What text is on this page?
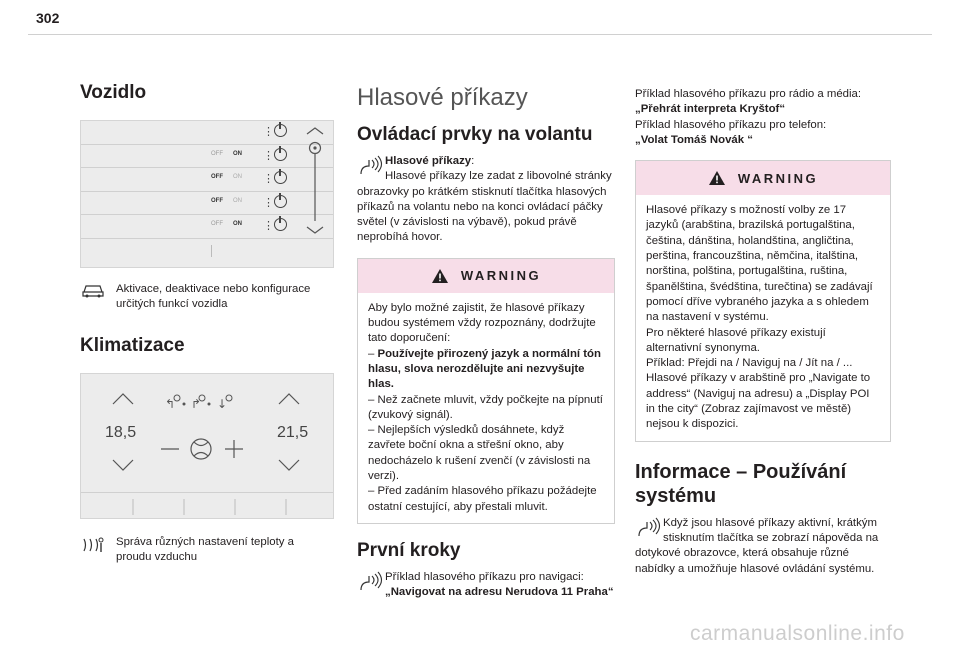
302
Vozidlo
⋮
OFF ON ⋮
OFF ON ⋮
OFF ON ⋮
OFF ON ⋮
Aktivace, deaktivace nebo konfigurace určitých funkcí vozidla
Klimatizace
↰ ↱ ↓
18,5	21,5
Správa různých nastavení teploty a proudu vzduchu
Hlasové příkazy
Ovládací prvky na volantu
Hlasové příkazy:
Hlasové příkazy lze zadat z libovolné stránky obrazovky po krátkém stisknutí tlačítka hlasových příkazů na volantu nebo na konci ovládací páčky světel (v závislosti na výbavě), pokud právě neprobíhá hovor.
WARNING
Aby bylo možné zajistit, že hlasové příkazy budou systémem vždy rozpoznány, dodržujte tato doporučení:
– Používejte přirozený jazyk a normální tón hlasu, slova nerozdělujte ani nezvyšujte hlas.
– Než začnete mluvit, vždy počkejte na pípnutí (zvukový signál).
– Nejlepších výsledků dosáhnete, když zavřete boční okna a střešní okno, aby nedocházelo k rušení zvenčí (v závislosti na verzi).
– Před zadáním hlasového příkazu požádejte ostatní cestující, aby přestali mluvit.
První kroky
Příklad hlasového příkazu pro navigaci:
„Navigovat na adresu Nerudova 11 Praha“
Příklad hlasového příkazu pro rádio a média:
„Přehrát interpreta Kryštof“
Příklad hlasového příkazu pro telefon:
„Volat Tomáš Novák “
WARNING
Hlasové příkazy s možností volby ze 17 jazyků (arabština, brazilská portugalština, čeština, dánština, holandština, angličtina, perština, francouzština, němčina, italština, norština, polština, portugalština, ruština, španělština, švédština, turečtina) se zadávají pomocí dříve vybraného jazyka a s ohledem na nastavení v systému.
Pro některé hlasové příkazy existují alternativní synonyma.
Příklad: Přejdi na / Naviguj na / Jít na / ...
Hlasové příkazy v arabštině pro „Navigate to address“ (Naviguj na adresu) a „Display POI in the city“ (Zobraz zajímavost ve městě) nejsou k dispozici.
Informace – Používání systému
Když jsou hlasové příkazy aktivní, krátkým stisknutím tlačítka se zobrazí nápověda na dotykové obrazovce, která obsahuje různé nabídky a umožňuje hlasové ovládání systému.
carmanualsonline.info
